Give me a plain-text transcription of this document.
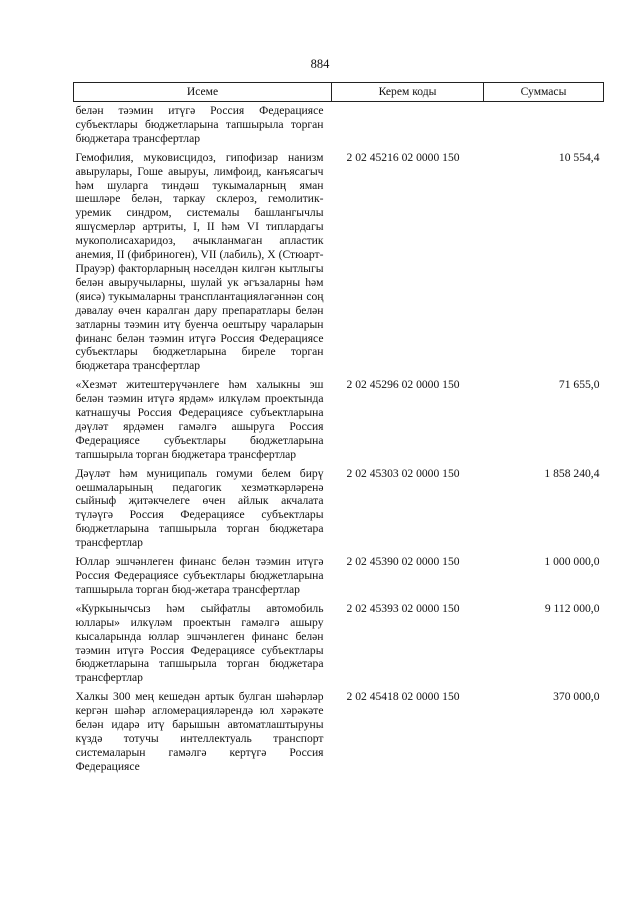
884
Исеме	Керем коды	Суммасы
белән тәэмин итүгә Россия Федерациясе субъектлары бюджетларына тапшырыла торган бюджетара трансфертлар		
Гемофилия, муковисцидоз, гипофизар нанизм авырулары, Гоше авыруы, лимфоид, канъясагыч һәм шуларга тиндәш тукымаларның яман шешләре белән, таркау склероз, гемолитик-уремик синдром, системалы башлангычлы яшүсмерләр артриты, I, II һәм VI типлардагы мукополисахаридоз, ачыкланмаган апластик анемия, II (фибриноген), VII (лабиль), X (Стюарт-Прауэр) факторларның нәселдән килгән кытлыгы белән авыручыларны, шулай ук әгъзаларны һәм (яисә) тукымаларны трансплантацияләгәннән соң дәвалау өчен каралган дару препаратлары белән затларны тәэмин итү буенча оештыру чараларын финанс белән тәэмин итүгә Россия Федерациясе субъектлары бюджетларына биреле торган бюджетара трансфертлар	2 02 45216 02 0000 150	10 554,4
«Хезмәт житештерүчәнлеге һәм халыкны эш белән тәэмин итүгә ярдәм» илкүләм проектында катнашучы Россия Федерациясе субъектларына дәүләт ярдәмен гамәлгә ашыруга Россия Федерациясе субъектлары бюджетларына тапшырыла торган бюджетара трансфертлар	2 02 45296 02 0000 150	71 655,0
Дәүләт һәм муниципаль гомуми белем бирү оешмаларының педагогик хезмәткәрләренә сыйныф җитәкчелеге өчен айлык акчалата түләүгә Россия Федерациясе субъектлары бюджетларына тапшырыла торган бюджетара трансфертлар	2 02 45303 02 0000 150	1 858 240,4
Юллар эшчәнлеген финанс белән тәэмин итүгә Россия Федерациясе субъектлары бюджетларына тапшырыла торган бюд-жетара трансфертлар	2 02 45390 02 0000 150	1 000 000,0
«Куркынычсыз һәм сыйфатлы автомобиль юллары» илкүләм проектын гамәлгә ашыру кысаларында юллар эшчәнлеген финанс белән тәэмин итүгә Россия Федерациясе субъектлары бюджетларына тапшырыла торган бюджетара трансфертлар	2 02 45393 02 0000 150	9 112 000,0
Халкы 300 мең кешедән артык булган шәһәрләр кергән шәһәр агломерацияләрендә юл хәрәкәте белән идарә итү барышын автоматлаштыруны күздә тотучы интеллектуаль транспорт системаларын гамәлгә кертүгә Россия Федерациясе	2 02 45418 02 0000 150	370 000,0
